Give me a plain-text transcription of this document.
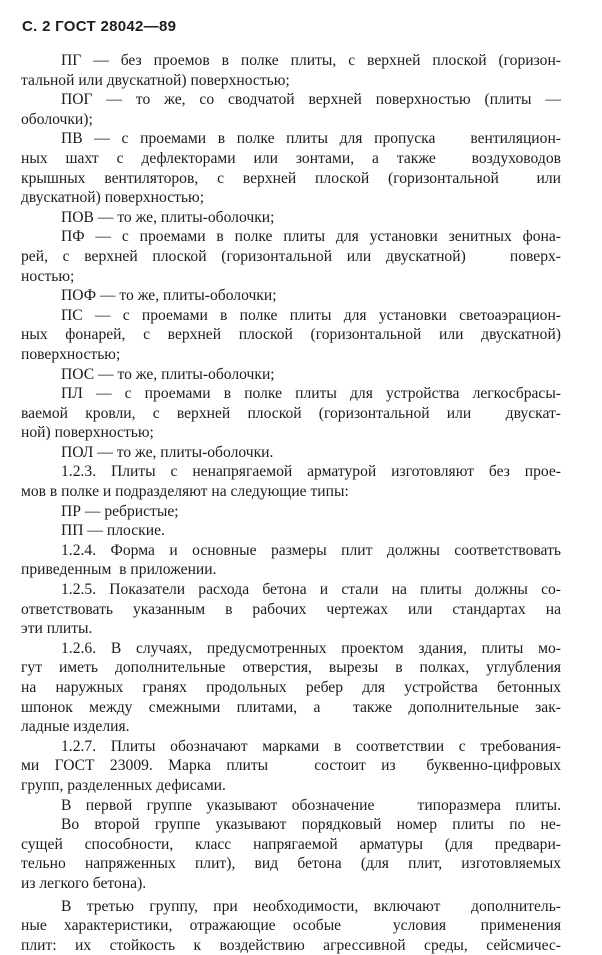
С. 2 ГОСТ 28042—89
ПГ — без проемов в полке плиты, с верхней плоской (горизон-
тальной или двускатной) поверхностью;
ПОГ — то же, со сводчатой верхней поверхностью (плиты —
оболочки);
ПВ — с проемами в полке плиты для пропуска   вентиляцион-
ных шахт с дефлекторами или зонтами, а также  воздуховодов
крышных вентиляторов, с верхней плоской (горизонтальной  или
двускатной) поверхностью;
ПОВ — то же, плиты-оболочки;
ПФ — с проемами в полке плиты для установки зенитных фона-
рей, с верхней плоской (горизонтальной или двускатной)   поверх-
ностью;
ПОФ — то же, плиты-оболочки;
ПС — с проемами в полке плиты для установки светоаэрацион-
ных фонарей, с верхней плоской (горизонтальной или двускатной)
поверхностью;
ПОС — то же, плиты-оболочки;
ПЛ — с проемами в полке плиты для устройства легкосбрасы-
ваемой кровли, с верхней плоской (горизонтальной или  двускат-
ной) поверхностью;
ПОЛ — то же, плиты-оболочки.
1.2.3. Плиты с ненапрягаемой арматурой изготовляют без прое-
мов в полке и подразделяют на следующие типы:
ПР — ребристые;
ПП — плоские.
1.2.4. Форма и основные размеры плит должны соответствовать
приведенным  в приложении.
1.2.5. Показатели расхода бетона и стали на плиты должны со-
ответствовать указанным в рабочих чертежах или стандартах на
эти плиты.
1.2.6. В случаях, предусмотренных проектом здания, плиты мо-
гут иметь дополнительные отверстия, вырезы в полках, углубления
на наружных гранях продольных ребер для устройства бетонных
шпонок между смежными плитами, а  также дополнительные зак-
ладные изделия.
1.2.7. Плиты обозначают марками в соответствии с требования-
ми ГОСТ 23009. Марка плиты   состоит из  буквенно-цифровых
групп, разделенных дефисами.
В первой группе указывают обозначение   типоразмера плиты.
Во второй группе указывают порядковый номер плиты по не-
сущей способности, класс напрягаемой арматуры (для предвари-
тельно напряженных плит), вид бетона (для плит, изготовляемых
из легкого бетона).
В третью группу, при необходимости, включают  дополнитель-
ные характеристики, отражающие особые   условия  применения
плит: их стойкость к воздействию агрессивной среды, сейсмичес-
